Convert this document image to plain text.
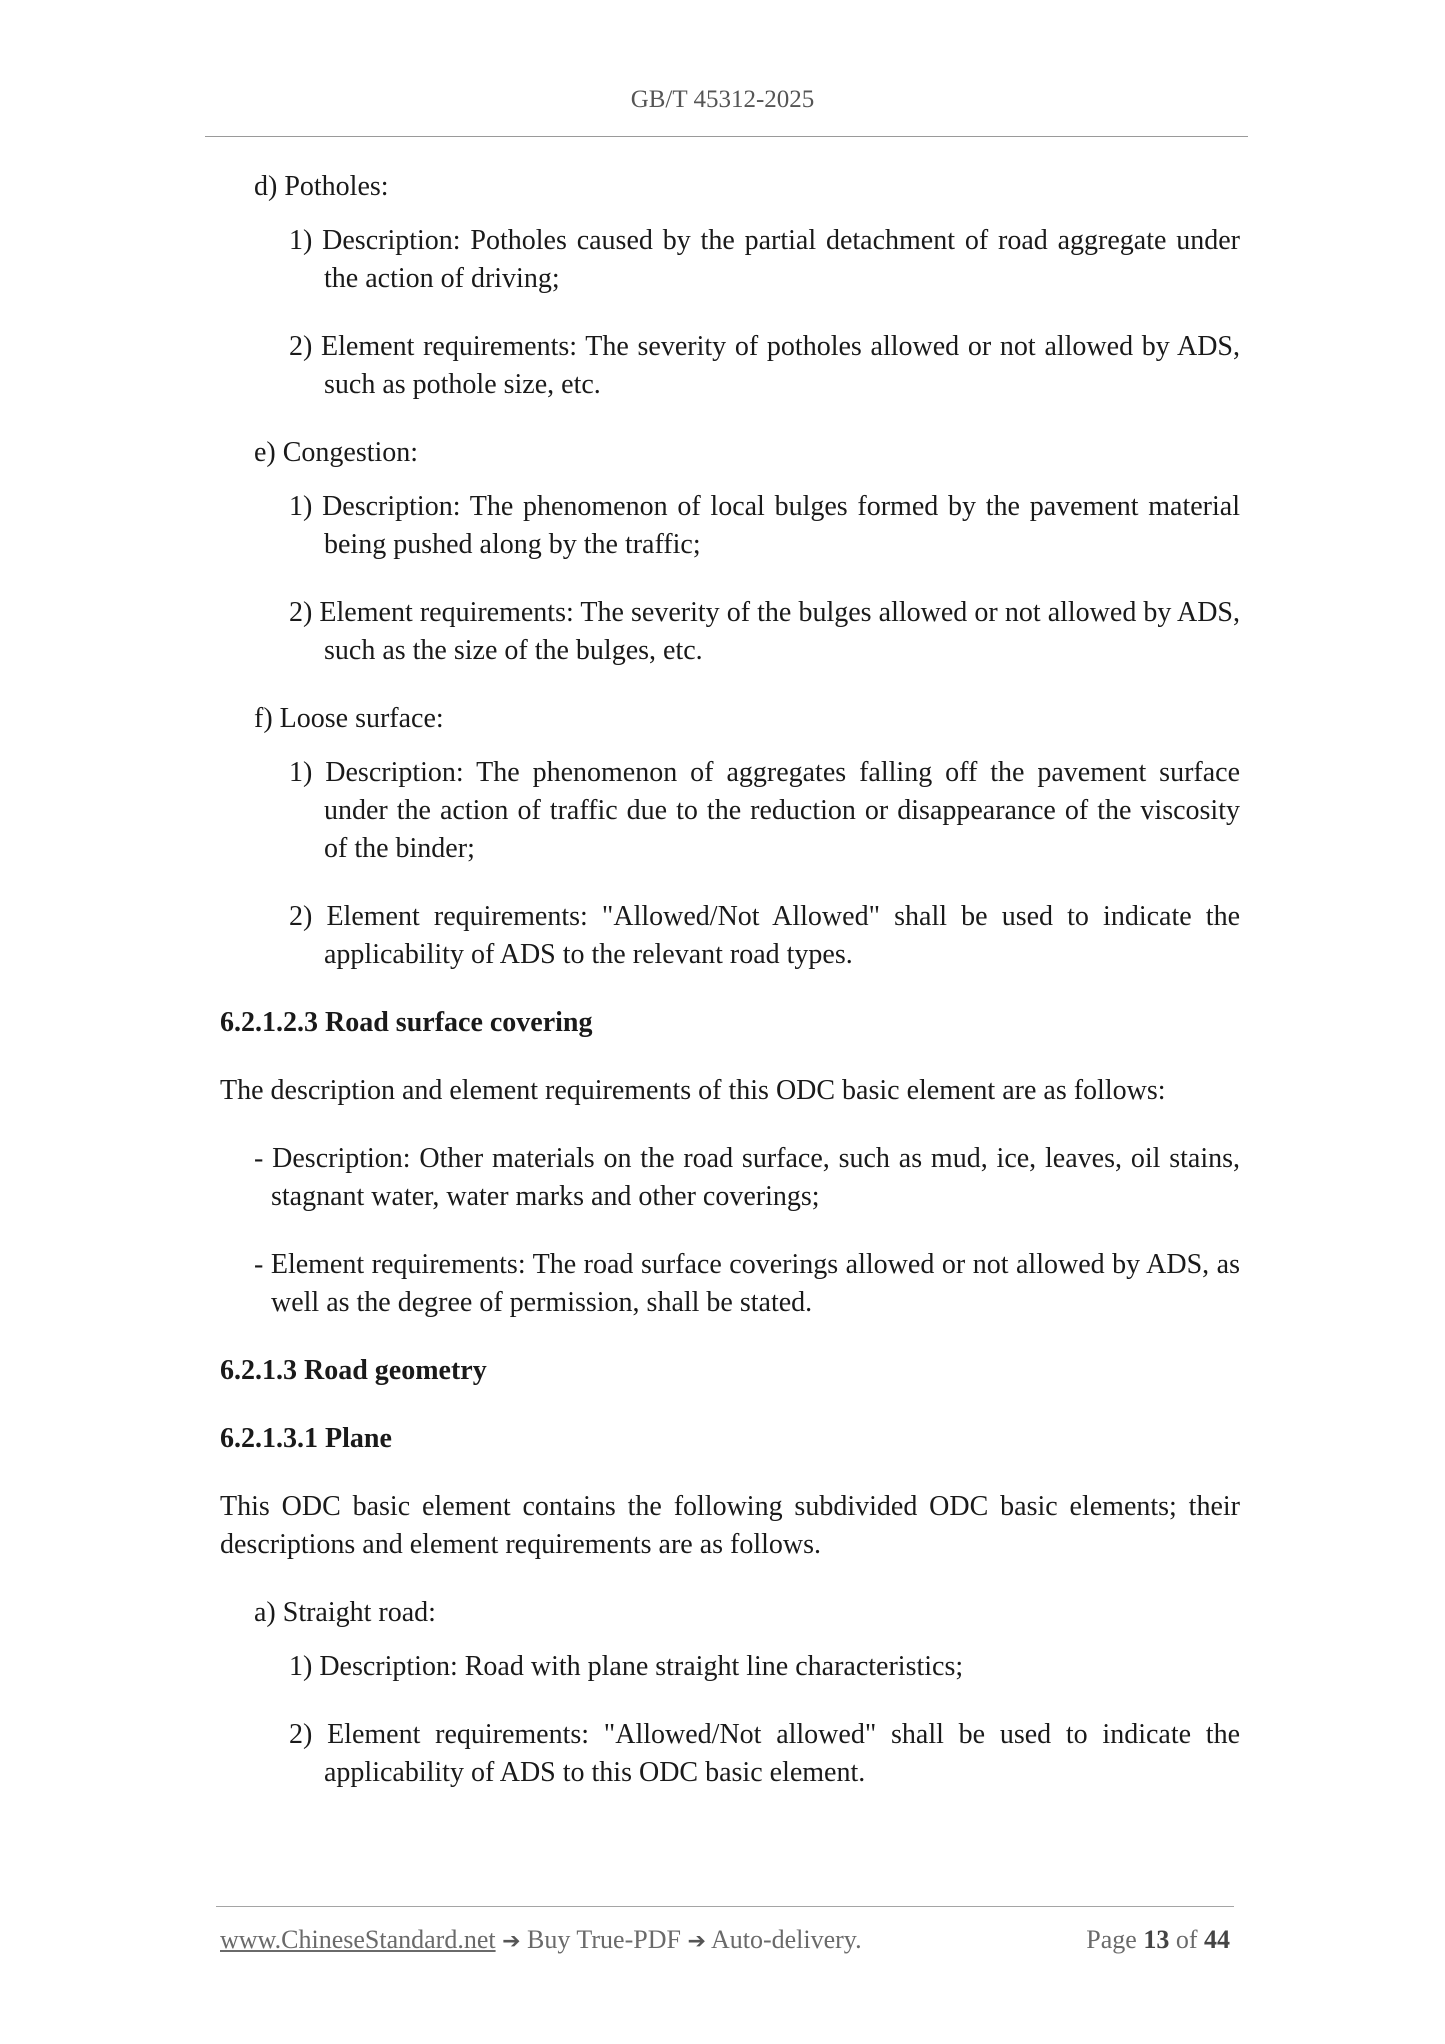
GB/T 45312-2025
d) Potholes:
1) Description: Potholes caused by the partial detachment of road aggregate under the action of driving;
2) Element requirements: The severity of potholes allowed or not allowed by ADS, such as pothole size, etc.
e) Congestion:
1) Description: The phenomenon of local bulges formed by the pavement material being pushed along by the traffic;
2) Element requirements: The severity of the bulges allowed or not allowed by ADS, such as the size of the bulges, etc.
f) Loose surface:
1) Description: The phenomenon of aggregates falling off the pavement surface under the action of traffic due to the reduction or disappearance of the viscosity of the binder;
2) Element requirements: "Allowed/Not Allowed" shall be used to indicate the applicability of ADS to the relevant road types.
6.2.1.2.3 Road surface covering
The description and element requirements of this ODC basic element are as follows:
- Description: Other materials on the road surface, such as mud, ice, leaves, oil stains, stagnant water, water marks and other coverings;
- Element requirements: The road surface coverings allowed or not allowed by ADS, as well as the degree of permission, shall be stated.
6.2.1.3 Road geometry
6.2.1.3.1 Plane
This ODC basic element contains the following subdivided ODC basic elements; their descriptions and element requirements are as follows.
a) Straight road:
1) Description: Road with plane straight line characteristics;
2) Element requirements: "Allowed/Not allowed" shall be used to indicate the applicability of ADS to this ODC basic element.
www.ChineseStandard.net ➔ Buy True-PDF ➔ Auto-delivery.	Page 13 of 44
